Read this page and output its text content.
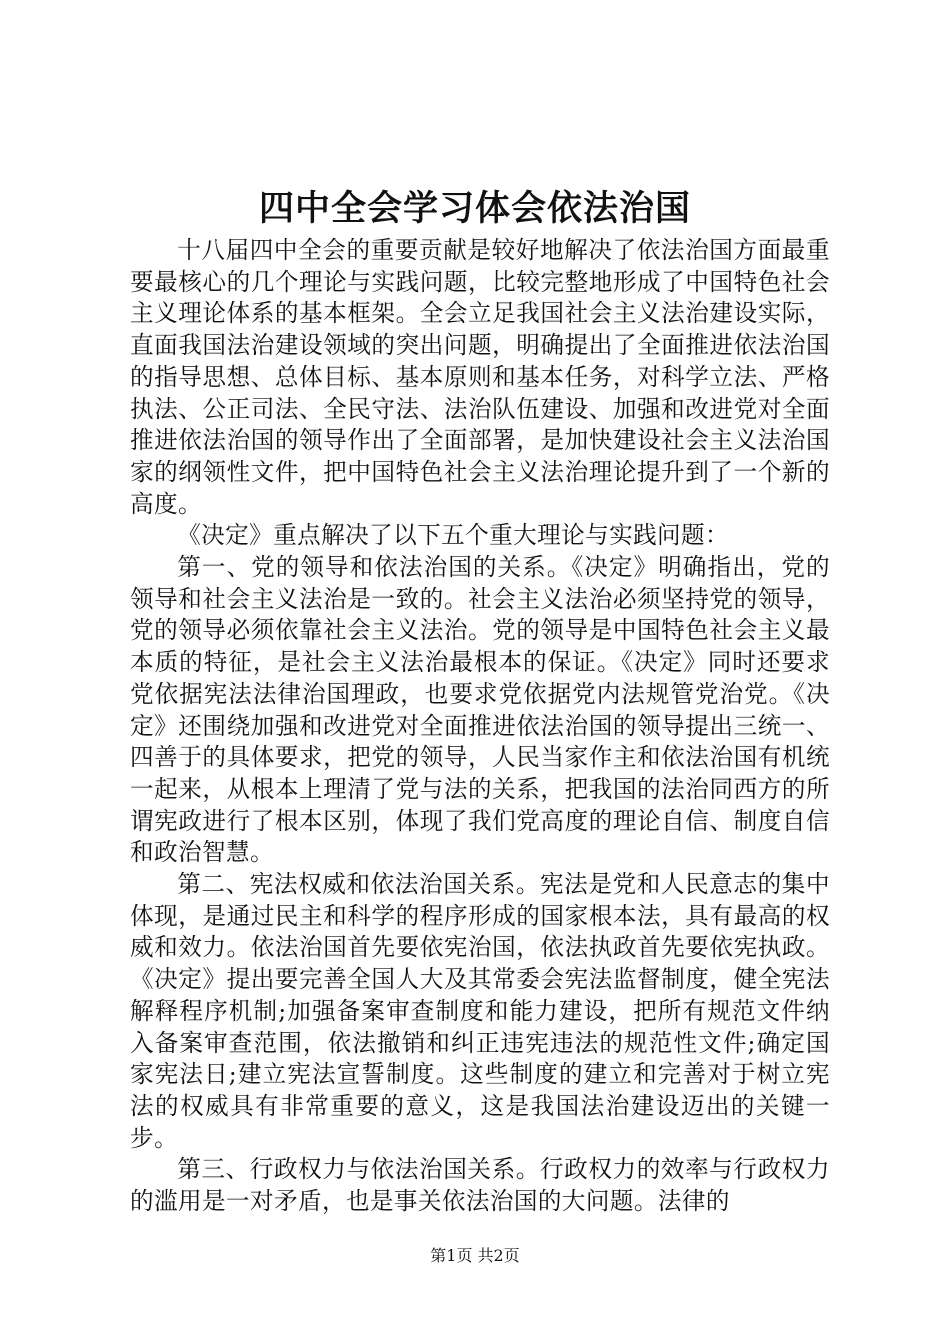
四中全会学习体会依法治国

十八届四中全会的重要贡献是较好地解决了依法治国方面最重要最核心的几个理论与实践问题，比较完整地形成了中国特色社会主义理论体系的基本框架。全会立足我国社会主义法治建设实际，直面我国法治建设领域的突出问题，明确提出了全面推进依法治国的指导思想、总体目标、基本原则和基本任务，对科学立法、严格执法、公正司法、全民守法、法治队伍建设、加强和改进党对全面推进依法治国的领导作出了全面部署，是加快建设社会主义法治国家的纲领性文件，把中国特色社会主义法治理论提升到了一个新的高度。

《决定》重点解决了以下五个重大理论与实践问题：

第一、党的领导和依法治国的关系。《决定》明确指出，党的领导和社会主义法治是一致的。社会主义法治必须坚持党的领导，党的领导必须依靠社会主义法治。党的领导是中国特色社会主义最本质的特征，是社会主义法治最根本的保证。《决定》同时还要求党依据宪法法律治国理政，也要求党依据党内法规管党治党。《决定》还围绕加强和改进党对全面推进依法治国的领导提出三统一、四善于的具体要求，把党的领导，人民当家作主和依法治国有机统一起来，从根本上理清了党与法的关系，把我国的法治同西方的所谓宪政进行了根本区别，体现了我们党高度的理论自信、制度自信和政治智慧。

第二、宪法权威和依法治国关系。宪法是党和人民意志的集中体现，是通过民主和科学的程序形成的国家根本法，具有最高的权威和效力。依法治国首先要依宪治国，依法执政首先要依宪执政。《决定》提出要完善全国人大及其常委会宪法监督制度，健全宪法解释程序机制;加强备案审查制度和能力建设，把所有规范文件纳入备案审查范围，依法撤销和纠正违宪违法的规范性文件;确定国家宪法日;建立宪法宣誓制度。这些制度的建立和完善对于树立宪法的权威具有非常重要的意义，这是我国法治建设迈出的关键一步。

第三、行政权力与依法治国关系。行政权力的效率与行政权力的滥用是一对矛盾，也是事关依法治国的大问题。法律的

第1页 共2页
